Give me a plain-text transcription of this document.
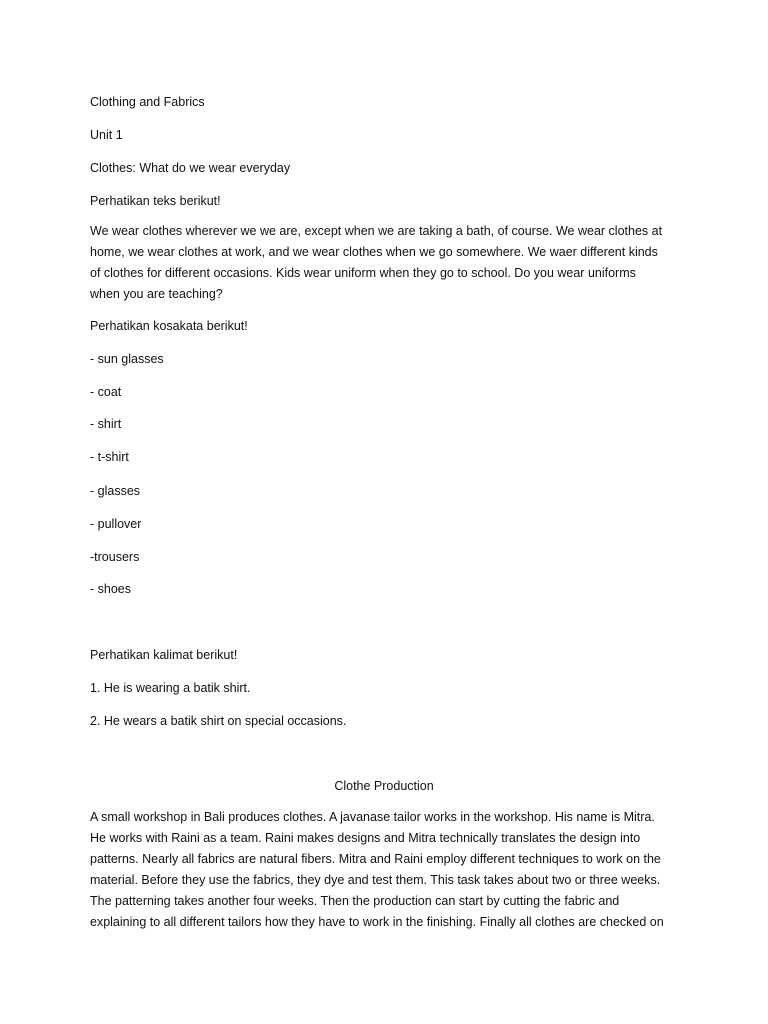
Clothing and Fabrics
Unit 1
Clothes: What do we wear everyday
Perhatikan teks berikut!
We wear clothes wherever we we are, except when we are taking a bath, of course. We wear clothes at
home, we wear clothes at work, and we wear clothes when we go somewhere. We waer different kinds
of clothes for different occasions. Kids wear uniform when they go to school. Do you wear uniforms
when you are teaching?
Perhatikan kosakata berikut!
- sun glasses
- coat
- shirt
- t-shirt
- glasses
- pullover
-trousers
- shoes
Perhatikan kalimat berikut!
1. He is wearing a batik shirt.
2. He wears a batik shirt on special occasions.
Clothe Production
A small workshop in Bali produces clothes. A javanase tailor works in the workshop. His name is Mitra.
He works with Raini as a team. Raini makes designs and Mitra technically translates the design into
patterns. Nearly all fabrics are natural fibers. Mitra and Raini employ different techniques to work on the
material. Before they use the fabrics, they dye and test them. This task takes about two or three weeks.
The patterning takes another four weeks. Then the production can start by cutting the fabric and
explaining to all different tailors how they have to work in the finishing. Finally all clothes are checked on
